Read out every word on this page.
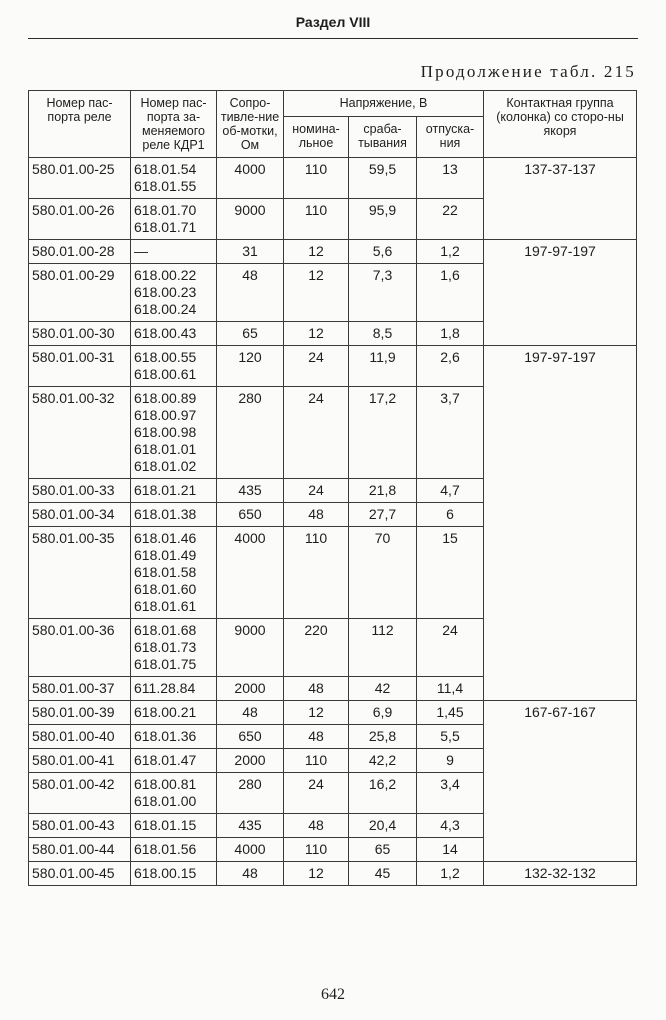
Раздел VIII
Продолжение табл. 215
Номер пас-порта реле	Номер пас-порта за-меняемого реле КДР1	Сопро-тивле-ние об-мотки, Ом	Напряжение, В			Контактная группа (колонка) со сторо-ны якоря
			номина-льное	сраба-тывания	отпуска-ния	
580.01.00-25	618.01.54
618.01.55	4000	110	59,5	13	137-37-137
580.01.00-26	618.01.70
618.01.71	9000	110	95,9	22	
580.01.00-28	—	31	12	5,6	1,2	197-97-197
580.01.00-29	618.00.22
618.00.23
618.00.24	48	12	7,3	1,6	
580.01.00-30	618.00.43	65	12	8,5	1,8	
580.01.00-31	618.00.55
618.00.61	120	24	11,9	2,6	197-97-197
580.01.00-32	618.00.89
618.00.97
618.00.98
618.01.01
618.01.02	280	24	17,2	3,7	
580.01.00-33	618.01.21	435	24	21,8	4,7	
580.01.00-34	618.01.38	650	48	27,7	6	
580.01.00-35	618.01.46
618.01.49
618.01.58
618.01.60
618.01.61	4000	110	70	15	
580.01.00-36	618.01.68
618.01.73
618.01.75	9000	220	112	24	
580.01.00-37	611.28.84	2000	48	42	11,4	
580.01.00-39	618.00.21	48	12	6,9	1,45	167-67-167
580.01.00-40	618.01.36	650	48	25,8	5,5	
580.01.00-41	618.01.47	2000	110	42,2	9	
580.01.00-42	618.00.81
618.01.00	280	24	16,2	3,4	
580.01.00-43	618.01.15	435	48	20,4	4,3	
580.01.00-44	618.01.56	4000	110	65	14	
580.01.00-45	618.00.15	48	12	45	1,2	132-32-132
642
